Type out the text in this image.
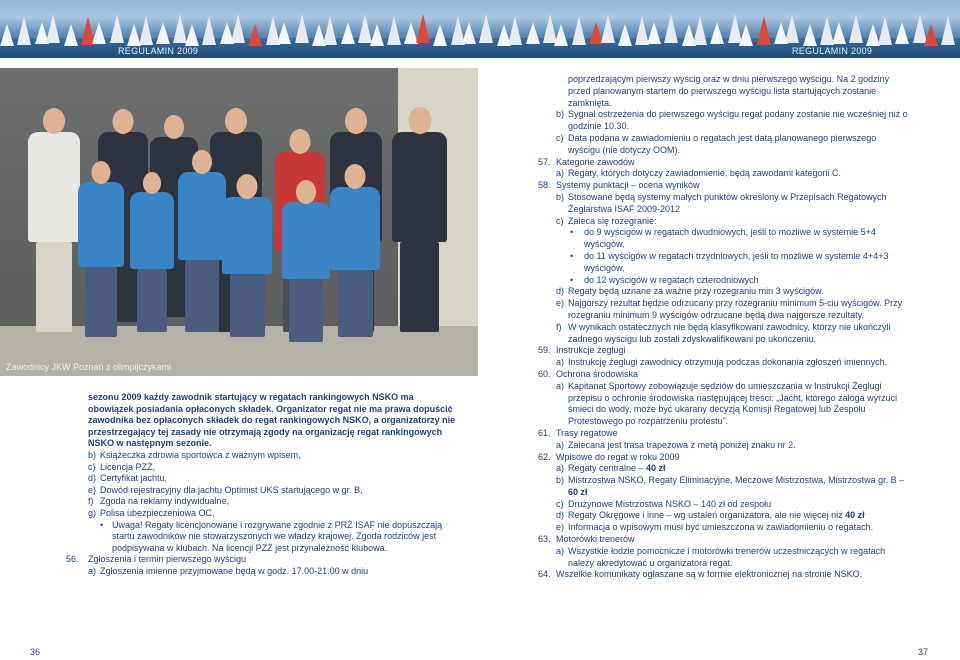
REGULAMIN 2009	REGULAMIN 2009
Zawodnicy JKW Poznań z olimpijczykami

sezonu 2009 każdy zawodnik startujący w regatach rankingowych NSKO ma obowiązek posiadania opłaconych składek. Organizator regat nie ma prawa dopuścić zawodnika bez opłaconych składek do regat rankingowych NSKO, a organizatorzy nie przestrzegający tej zasady nie otrzymają zgody na organizację regat rankingowych NSKO w następnym sezonie.

b) Książeczka zdrowia sportowca z ważnym wpisem,
c) Licencja PZŻ,
d) Certyfikat jachtu,
e) Dowód rejestracyjny dla jachtu Optimist UKS startującego w gr. B,
f) Zgoda na reklamy indywidualne,
g) Polisa ubezpieczeniowa OC,
• Uwaga! Regaty licencjonowane i rozgrywane zgodnie z PRŻ ISAF nie dopuszczają startu zawodników nie stowarzyszonych we władzy krajowej. Zgoda rodziców jest podpisywana w klubach. Na licencji PZŻ jest przynależność klubowa.
56.	Zgłoszenia i termin pierwszego wyścigu
a) Zgłoszenia imienne przyjmowane będą w godz. 17.00-21.00 w dniu

poprzedzającym pierwszy wyścig oraz w dniu pierwszego wyścigu. Na 2 godziny przed planowanym startem do pierwszego wyścigu lista startujących zostanie zamknięta.

b) Sygnał ostrzeżenia do pierwszego wyścigu regat podany zostanie nie wcześniej niż o godzinie 10.30.
c) Data podana w zawiadomieniu o regatach jest datą planowanego pierwszego wyścigu (nie dotyczy OOM).
57. Kategorie zawodów
a) Regaty, których dotyczy zawiadomienie, będą zawodami kategorii C.
58. Systemy punktacji – ocena wyników
b) Stosowane będą systemy małych punktów określony w Przepisach Regatowych Żeglarstwa ISAF 2009-2012
c) Zaleca się rozegranie:
•	do 9 wyścigów w regatach dwudniowych, jeśli to możliwe w systemie 5+4 wyścigów,
•	do 11 wyścigów w regatach trzydniowych, jeśli to możliwe w systemie 4+4+3 wyścigów,
•	do 12 wyścigów w regatach czterodniowych
d) Regaty będą uznane za ważne przy rozegraniu min 3 wyścigów.
e) Najgorszy rezultat będzie odrzucany przy rozegraniu minimum 5-ciu wyścigów. Przy rozegraniu minimum 9 wyścigów odrzucane będą dwa najgorsze rezultaty.
f) W wynikach ostatecznych nie będą klasyfikowani zawodnicy, którzy nie ukończyli żadnego wyścigu lub zostali zdyskwalifikowani po ukończeniu.
59. Instrukcje żeglugi
a) Instrukcję żeglugi zawodnicy otrzymują podczas dokonania zgłoszeń imiennych.
60. Ochrona środowiska
a) Kapitanat Sportowy zobowiązuje sędziów do umieszczania w Instrukcji Żeglugi przepisu o ochronie środowiska następującej treści: „Jacht, którego załoga wyrzuci śmieci do wody, może być ukarany decyzją Komisji Regatowej lub Zespołu Protestowego po rozpatrzeniu protestu”.
61. Trasy regatowe
a) Zalecana jest trasa trapezowa z metą poniżej znaku nr 2.
62. Wpisowe do regat w roku 2009
a) Regaty centralne – 40 zł
b) Mistrzostwa NSKO, Regaty Eliminacyjne, Meczowe Mistrzostwa, Mistrzostwa gr. B – 60 zł
c) Drużynowe Mistrzostwa NSKO – 140 zł od zespołu
d) Regaty Okręgowe i inne – wg ustaleń organizatora, ale nie więcej niż 40 zł
e) Informacja o wpisowym musi być umieszczona w zawiadomieniu o regatach.
63. Motorówki trenerów
a) Wszystkie łodzie pomocnicze i motorówki trenerów uczestniczących w regatach należy akredytować u organizatora regat.
64. Wszelkie komunikaty ogłaszane są w formie elektronicznej na stronie NSKO.
36	37
